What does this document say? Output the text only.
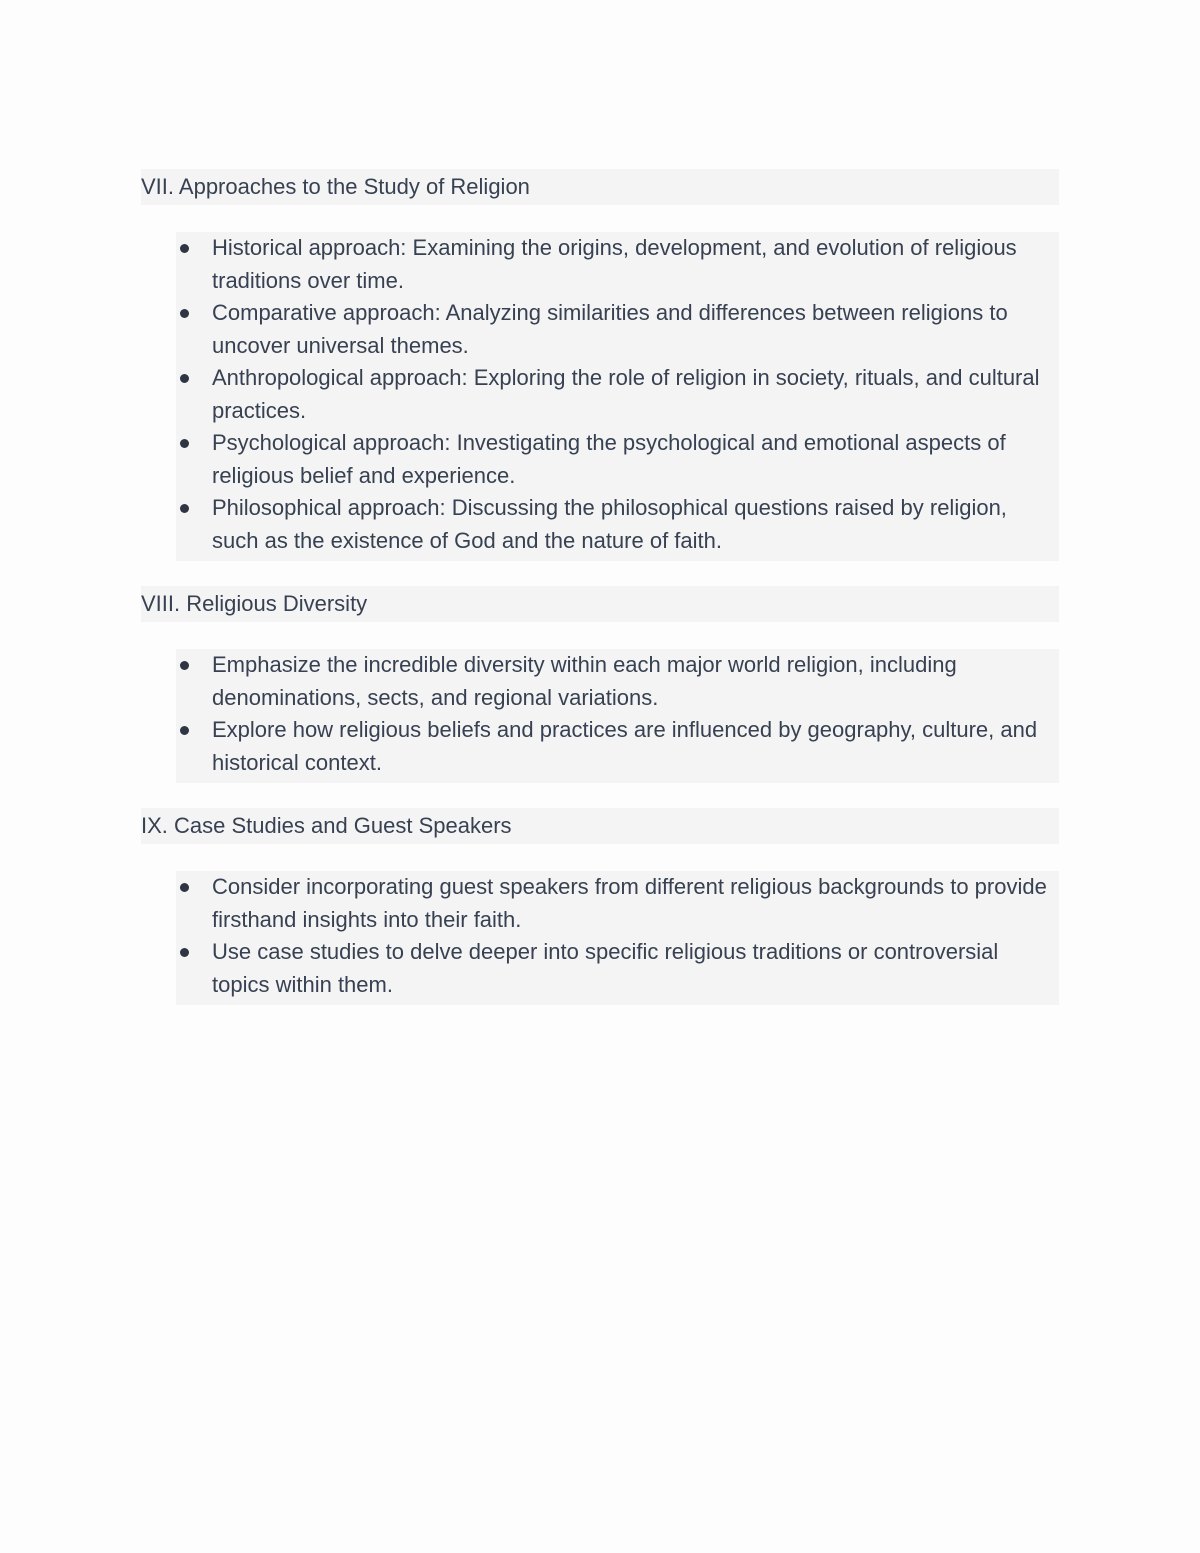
VII. Approaches to the Study of Religion
Historical approach: Examining the origins, development, and evolution of religious traditions over time.
Comparative approach: Analyzing similarities and differences between religions to uncover universal themes.
Anthropological approach: Exploring the role of religion in society, rituals, and cultural practices.
Psychological approach: Investigating the psychological and emotional aspects of religious belief and experience.
Philosophical approach: Discussing the philosophical questions raised by religion, such as the existence of God and the nature of faith.
VIII. Religious Diversity
Emphasize the incredible diversity within each major world religion, including denominations, sects, and regional variations.
Explore how religious beliefs and practices are influenced by geography, culture, and historical context.
IX. Case Studies and Guest Speakers
Consider incorporating guest speakers from different religious backgrounds to provide firsthand insights into their faith.
Use case studies to delve deeper into specific religious traditions or controversial topics within them.
